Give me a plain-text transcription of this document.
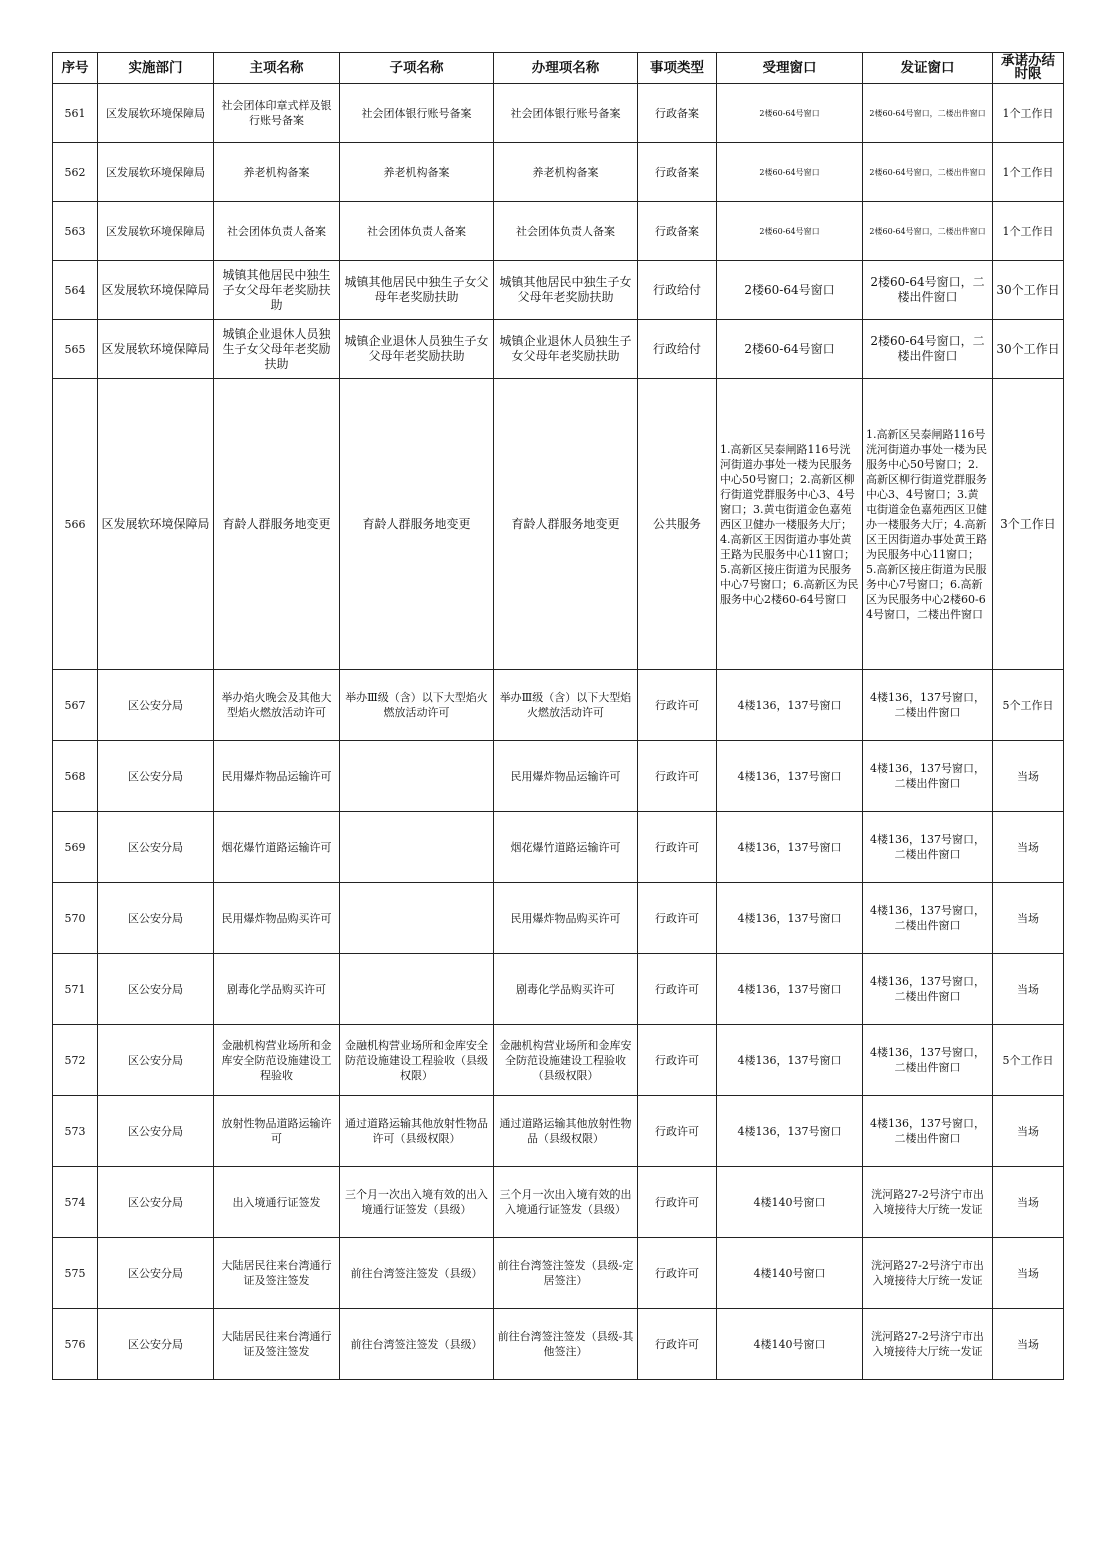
序号	实施部门	主项名称	子项名称	办理项名称	事项类型	受理窗口	发证窗口	承诺办结时限
561	区发展软环境保障局	社会团体印章式样及银行账号备案	社会团体银行账号备案	社会团体银行账号备案	行政备案	2楼60-64号窗口	2楼60-64号窗口，二楼出件窗口	1个工作日
562	区发展软环境保障局	养老机构备案	养老机构备案	养老机构备案	行政备案	2楼60-64号窗口	2楼60-64号窗口，二楼出件窗口	1个工作日
563	区发展软环境保障局	社会团体负责人备案	社会团体负责人备案	社会团体负责人备案	行政备案	2楼60-64号窗口	2楼60-64号窗口，二楼出件窗口	1个工作日
564	区发展软环境保障局	城镇其他居民中独生子女父母年老奖励扶助	城镇其他居民中独生子女父母年老奖励扶助	城镇其他居民中独生子女父母年老奖励扶助	行政给付	2楼60-64号窗口	2楼60-64号窗口，二楼出件窗口	30个工作日
565	区发展软环境保障局	城镇企业退休人员独生子女父母年老奖励扶助	城镇企业退休人员独生子女父母年老奖励扶助	城镇企业退休人员独生子女父母年老奖励扶助	行政给付	2楼60-64号窗口	2楼60-64号窗口，二楼出件窗口	30个工作日
566	区发展软环境保障局	育龄人群服务地变更	育龄人群服务地变更	育龄人群服务地变更	公共服务	1.高新区吴泰闸路116号洸河街道办事处一楼为民服务中心50号窗口；2.高新区柳行街道党群服务中心3、4号窗口；3.黄屯街道金色嘉苑西区卫健办一楼服务大厅；4.高新区王因街道办事处黄王路为民服务中心11窗口；5.高新区接庄街道为民服务中心7号窗口；6.高新区为民服务中心2楼60-64号窗口	1.高新区吴泰闸路116号洸河街道办事处一楼为民服务中心50号窗口；2.高新区柳行街道党群服务中心3、4号窗口；3.黄屯街道金色嘉苑西区卫健办一楼服务大厅；4.高新区王因街道办事处黄王路为民服务中心11窗口；5.高新区接庄街道为民服务中心7号窗口；6.高新区为民服务中心2楼60-64号窗口，二楼出件窗口	3个工作日
567	区公安分局	举办焰火晚会及其他大型焰火燃放活动许可	举办Ⅲ级（含）以下大型焰火燃放活动许可	举办Ⅲ级（含）以下大型焰火燃放活动许可	行政许可	4楼136，137号窗口	4楼136，137号窗口，二楼出件窗口	5个工作日
568	区公安分局	民用爆炸物品运输许可		民用爆炸物品运输许可	行政许可	4楼136，137号窗口	4楼136，137号窗口，二楼出件窗口	当场
569	区公安分局	烟花爆竹道路运输许可		烟花爆竹道路运输许可	行政许可	4楼136，137号窗口	4楼136，137号窗口，二楼出件窗口	当场
570	区公安分局	民用爆炸物品购买许可		民用爆炸物品购买许可	行政许可	4楼136，137号窗口	4楼136，137号窗口，二楼出件窗口	当场
571	区公安分局	剧毒化学品购买许可		剧毒化学品购买许可	行政许可	4楼136，137号窗口	4楼136，137号窗口，二楼出件窗口	当场
572	区公安分局	金融机构营业场所和金库安全防范设施建设工程验收	金融机构营业场所和金库安全防范设施建设工程验收（县级权限）	金融机构营业场所和金库安全防范设施建设工程验收（县级权限）	行政许可	4楼136，137号窗口	4楼136，137号窗口，二楼出件窗口	5个工作日
573	区公安分局	放射性物品道路运输许可	通过道路运输其他放射性物品许可（县级权限）	通过道路运输其他放射性物品（县级权限）	行政许可	4楼136，137号窗口	4楼136，137号窗口，二楼出件窗口	当场
574	区公安分局	出入境通行证签发	三个月一次出入境有效的出入境通行证签发（县级）	三个月一次出入境有效的出入境通行证签发（县级）	行政许可	4楼140号窗口	洸河路27-2号济宁市出入境接待大厅统一发证	当场
575	区公安分局	大陆居民往来台湾通行证及签注签发	前往台湾签注签发（县级）	前往台湾签注签发（县级-定居签注）	行政许可	4楼140号窗口	洸河路27-2号济宁市出入境接待大厅统一发证	当场
576	区公安分局	大陆居民往来台湾通行证及签注签发	前往台湾签注签发（县级）	前往台湾签注签发（县级-其他签注）	行政许可	4楼140号窗口	洸河路27-2号济宁市出入境接待大厅统一发证	当场
